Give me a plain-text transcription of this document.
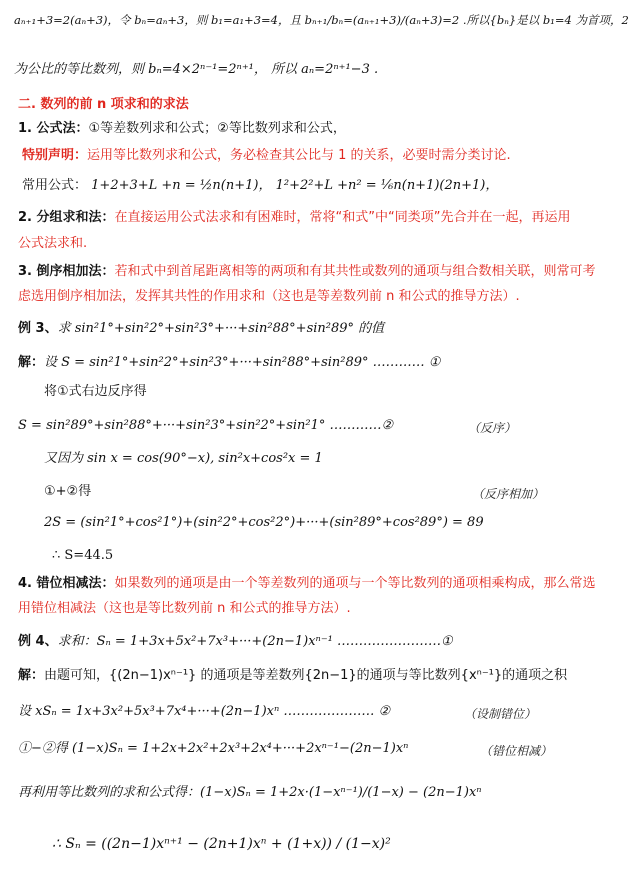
aₙ₊₁+3=2(aₙ+3)，令 bₙ=aₙ+3，则 b₁=a₁+3=4，且 bₙ₊₁/bₙ=(aₙ₊₁+3)/(aₙ+3)=2 .所以{bₙ}是以 b₁=4 为首项，2
为公比的等比数列，则 bₙ=4×2ⁿ⁻¹=2ⁿ⁺¹， 所以 aₙ=2ⁿ⁺¹−3 .
二. 数列的前 n 项求和的求法
1. 公式法：①等差数列求和公式；②等比数列求和公式，
特别声明：运用等比数列求和公式，务必检查其公比与 1 的关系，必要时需分类讨论.
常用公式： 1+2+3+L +n = ½n(n+1)， 1²+2²+L +n² = ⅙n(n+1)(2n+1)，
2. 分组求和法：在直接运用公式法求和有困难时，常将“和式”中“同类项”先合并在一起，再运用
公式法求和.
3. 倒序相加法：若和式中到首尾距离相等的两项和有其共性或数列的通项与组合数相关联，则常可考
虑选用倒序相加法，发挥其共性的作用求和（这也是等差数列前 n 和公式的推导方法）.
例 3、求 sin²1°+sin²2°+sin²3°+···+sin²88°+sin²89° 的值
解：设 S = sin²1°+sin²2°+sin²3°+···+sin²88°+sin²89° ………… ①
将①式右边反序得
S = sin²89°+sin²88°+···+sin²3°+sin²2°+sin²1° …………②	（反序）
又因为 sin x = cos(90°−x), sin²x+cos²x = 1
①+②得	（反序相加）
2S = (sin²1°+cos²1°)+(sin²2°+cos²2°)+···+(sin²89°+cos²89°) = 89
∴ S=44.5
4. 错位相减法：如果数列的通项是由一个等差数列的通项与一个等比数列的通项相乘构成，那么常选
用错位相减法（这也是等比数列前 n 和公式的推导方法）.
例 4、求和：Sₙ = 1+3x+5x²+7x³+···+(2n−1)xⁿ⁻¹ ……………………①
解：由题可知，{(2n−1)xⁿ⁻¹} 的通项是等差数列{2n−1}的通项与等比数列{xⁿ⁻¹}的通项之积
设 xSₙ = 1x+3x²+5x³+7x⁴+···+(2n−1)xⁿ ………………… ②	（设制错位）
①−②得 (1−x)Sₙ = 1+2x+2x²+2x³+2x⁴+···+2xⁿ⁻¹−(2n−1)xⁿ	（错位相减）
再利用等比数列的求和公式得：(1−x)Sₙ = 1+2x·(1−xⁿ⁻¹)/(1−x) − (2n−1)xⁿ
∴ Sₙ = ((2n−1)xⁿ⁺¹ − (2n+1)xⁿ + (1+x)) / (1−x)²
